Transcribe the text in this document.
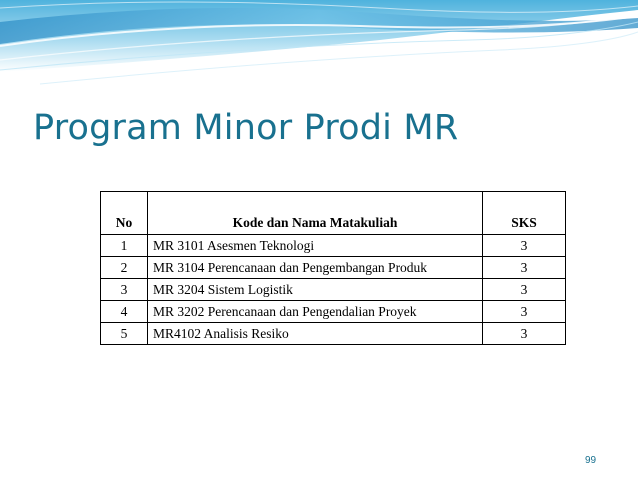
Program Minor Prodi MR
No	Kode dan Nama Matakuliah	SKS

1	MR 3101 Asesmen Teknologi	3
2	MR 3104 Perencanaan dan Pengembangan Produk	3
3	MR 3204 Sistem Logistik	3
4	MR 3202 Perencanaan dan Pengendalian Proyek	3
5	MR4102 Analisis Resiko	3
99
